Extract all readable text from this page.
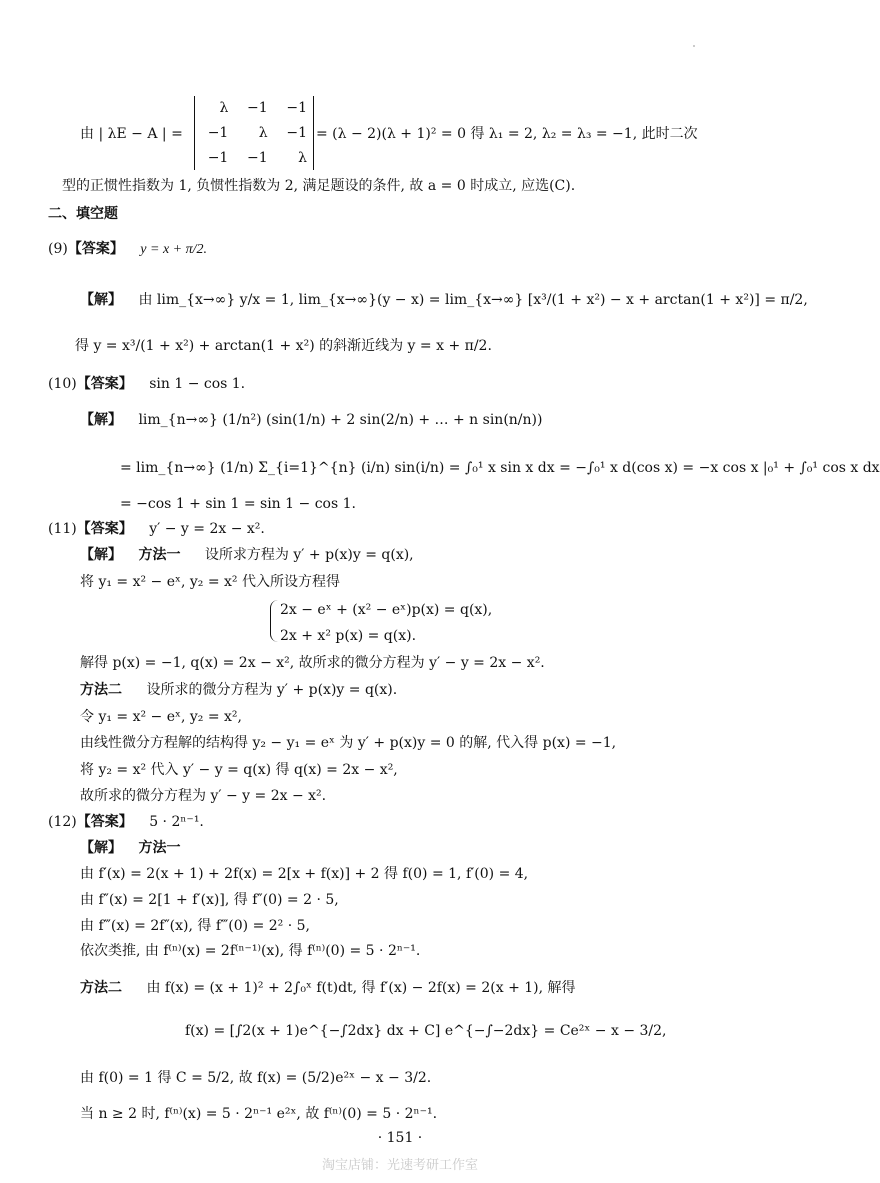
由 | λE − A | =
λ	−1	−1
−1	λ	−1
−1	−1	λ
= (λ − 2)(λ + 1)² = 0 得 λ₁ = 2, λ₂ = λ₃ = −1, 此时二次
型的正惯性指数为 1, 负惯性指数为 2, 满足题设的条件, 故 a = 0 时成立, 应选(C).
二、填空题
(9)【答案】 y = x + π/2.
【解】 由 lim_{x→∞} y/x = 1, lim_{x→∞}(y − x) = lim_{x→∞} [x³/(1 + x²) − x + arctan(1 + x²)] = π/2,
得 y = x³/(1 + x²) + arctan(1 + x²) 的斜渐近线为 y = x + π/2.
(10)【答案】 sin 1 − cos 1.
【解】 lim_{n→∞} (1/n²) (sin(1/n) + 2 sin(2/n) + … + n sin(n/n))
= lim_{n→∞} (1/n) Σ_{i=1}^{n} (i/n) sin(i/n) = ∫₀¹ x sin x dx = −∫₀¹ x d(cos x) = −x cos x |₀¹ + ∫₀¹ cos x dx
= −cos 1 + sin 1 = sin 1 − cos 1.
(11)【答案】 y′ − y = 2x − x².
【解】 方法一 设所求方程为 y′ + p(x)y = q(x),
将 y₁ = x² − eˣ, y₂ = x² 代入所设方程得
2x − eˣ + (x² − eˣ)p(x) = q(x),
2x + x² p(x) = q(x).
解得 p(x) = −1, q(x) = 2x − x², 故所求的微分方程为 y′ − y = 2x − x².
方法二 设所求的微分方程为 y′ + p(x)y = q(x).
令 y₁ = x² − eˣ, y₂ = x²,
由线性微分方程解的结构得 y₂ − y₁ = eˣ 为 y′ + p(x)y = 0 的解, 代入得 p(x) = −1,
将 y₂ = x² 代入 y′ − y = q(x) 得 q(x) = 2x − x²,
故所求的微分方程为 y′ − y = 2x − x².
(12)【答案】 5 · 2ⁿ⁻¹.
【解】 方法一
由 f′(x) = 2(x + 1) + 2f(x) = 2[x + f(x)] + 2 得 f(0) = 1, f′(0) = 4,
由 f″(x) = 2[1 + f′(x)], 得 f″(0) = 2 · 5,
由 f‴(x) = 2f″(x), 得 f‴(0) = 2² · 5,
依次类推, 由 f⁽ⁿ⁾(x) = 2f⁽ⁿ⁻¹⁾(x), 得 f⁽ⁿ⁾(0) = 5 · 2ⁿ⁻¹.
方法二 由 f(x) = (x + 1)² + 2∫₀ˣ f(t)dt, 得 f′(x) − 2f(x) = 2(x + 1), 解得
f(x) = [∫2(x + 1)e^{−∫2dx} dx + C] e^{−∫−2dx} = Ce²ˣ − x − 3/2,
由 f(0) = 1 得 C = 5/2, 故 f(x) = (5/2)e²ˣ − x − 3/2.
当 n ≥ 2 时, f⁽ⁿ⁾(x) = 5 · 2ⁿ⁻¹ e²ˣ, 故 f⁽ⁿ⁾(0) = 5 · 2ⁿ⁻¹.
· 151 ·
淘宝店铺：光速考研工作室
